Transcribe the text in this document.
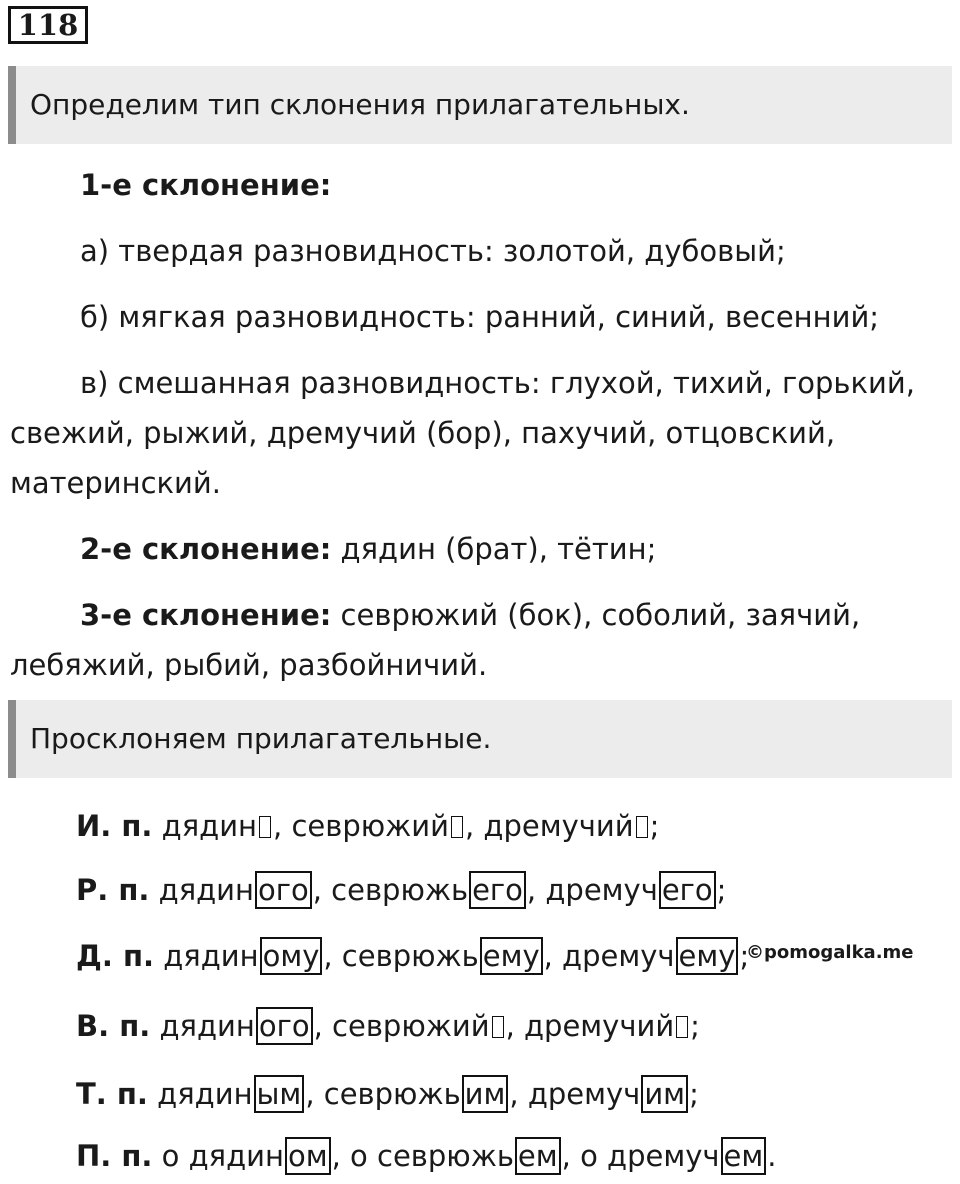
118
Определим тип склонения прилагательных.
1-е склонение:
а) твердая разновидность: золотой, дубовый;
б) мягкая разновидность: ранний, синий, весенний;
в) смешанная разновидность: глухой, тихий, горький,
свежий, рыжий, дремучий (бор), пахучий, отцовский,
материнский.
2-е склонение: дядин (брат), тётин;
3-е склонение: севрюжий (бок), соболий, заячий,
лебяжий, рыбий, разбойничий.
Просклоняем прилагательные.
И. п. дядин , севрюжий , дремучий ;
Р. п. дядин ого , севрюжь его , дремуч его ;
Д. п. дядин ому , севрюжь ему , дремуч ему ;
©pomogalka.me
В. п. дядин ого , севрюжий , дремучий ;
Т. п. дядин ым , севрюжь им , дремуч им ;
П. п. о дядин ом , о севрюжь ем , о дремуч ем .
